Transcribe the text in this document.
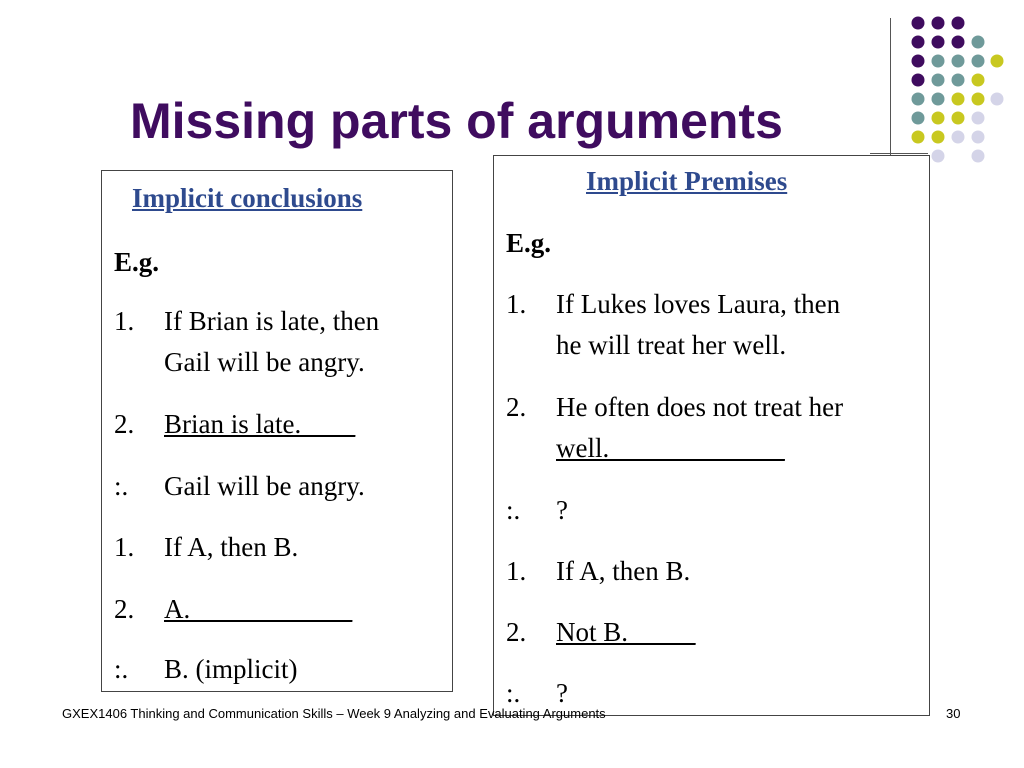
Missing parts of arguments
Implicit conclusions
E.g.
1. If Brian is late, then
Gail will be angry.
2. Brian is late.____
:. Gail will be angry.
1. If A, then B.
2. A.____________
:. B. (implicit)
Implicit Premises
E.g.
1. If Lukes loves Laura, then
he will treat her well.
2. He often does not treat her
well._____________
:. ?
1. If A, then B.
2. Not B._____
:. ?
GXEX1406 Thinking and Communication Skills – Week 9 Analyzing and Evaluating Arguments	30
